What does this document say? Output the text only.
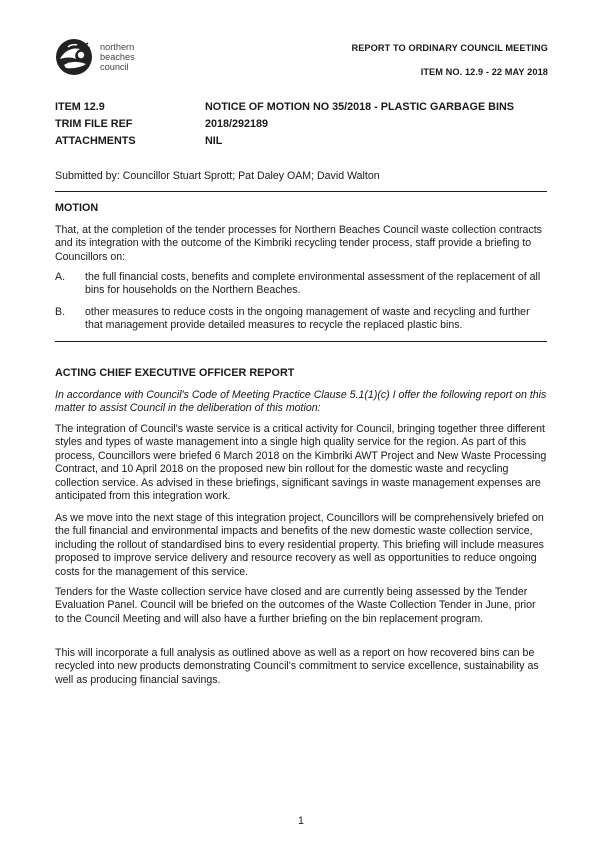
northern
beaches
council
REPORT TO ORDINARY COUNCIL MEETING
ITEM NO. 12.9 - 22 MAY 2018
ITEM 12.9	NOTICE OF MOTION NO 35/2018 - PLASTIC GARBAGE BINS
TRIM FILE REF	2018/292189
ATTACHMENTS	NIL
Submitted by: Councillor Stuart Sprott; Pat Daley OAM; David Walton
MOTION

That, at the completion of the tender processes for Northern Beaches Council waste collection contracts and its integration with the outcome of the Kimbriki recycling tender process, staff provide a briefing to Councillors on:

A. the full financial costs, benefits and complete environmental assessment of the replacement of all bins for households on the Northern Beaches.

B. other measures to reduce costs in the ongoing management of waste and recycling and further that management provide detailed measures to recycle the replaced plastic bins.

ACTING CHIEF EXECUTIVE OFFICER REPORT

In accordance with Council's Code of Meeting Practice Clause 5.1(1)(c) I offer the following report on this matter to assist Council in the deliberation of this motion:

The integration of Council's waste service is a critical activity for Council, bringing together three different styles and types of waste management into a single high quality service for the region. As part of this process, Councillors were briefed 6 March 2018 on the Kimbriki AWT Project and New Waste Processing Contract, and 10 April 2018 on the proposed new bin rollout for the domestic waste and recycling collection service. As advised in these briefings, significant savings in waste management expenses are anticipated from this integration work.

As we move into the next stage of this integration project, Councillors will be comprehensively briefed on the full financial and environmental impacts and benefits of the new domestic waste collection service, including the rollout of standardised bins to every residential property. This briefing will include measures proposed to improve service delivery and resource recovery as well as opportunities to reduce ongoing costs for the management of this service.

Tenders for the Waste collection service have closed and are currently being assessed by the Tender Evaluation Panel. Council will be briefed on the outcomes of the Waste Collection Tender in June, prior to the Council Meeting and will also have a further briefing on the bin replacement program.

This will incorporate a full analysis as outlined above as well as a report on how recovered bins can be recycled into new products demonstrating Council's commitment to service excellence, sustainability as well as producing financial savings.

1
